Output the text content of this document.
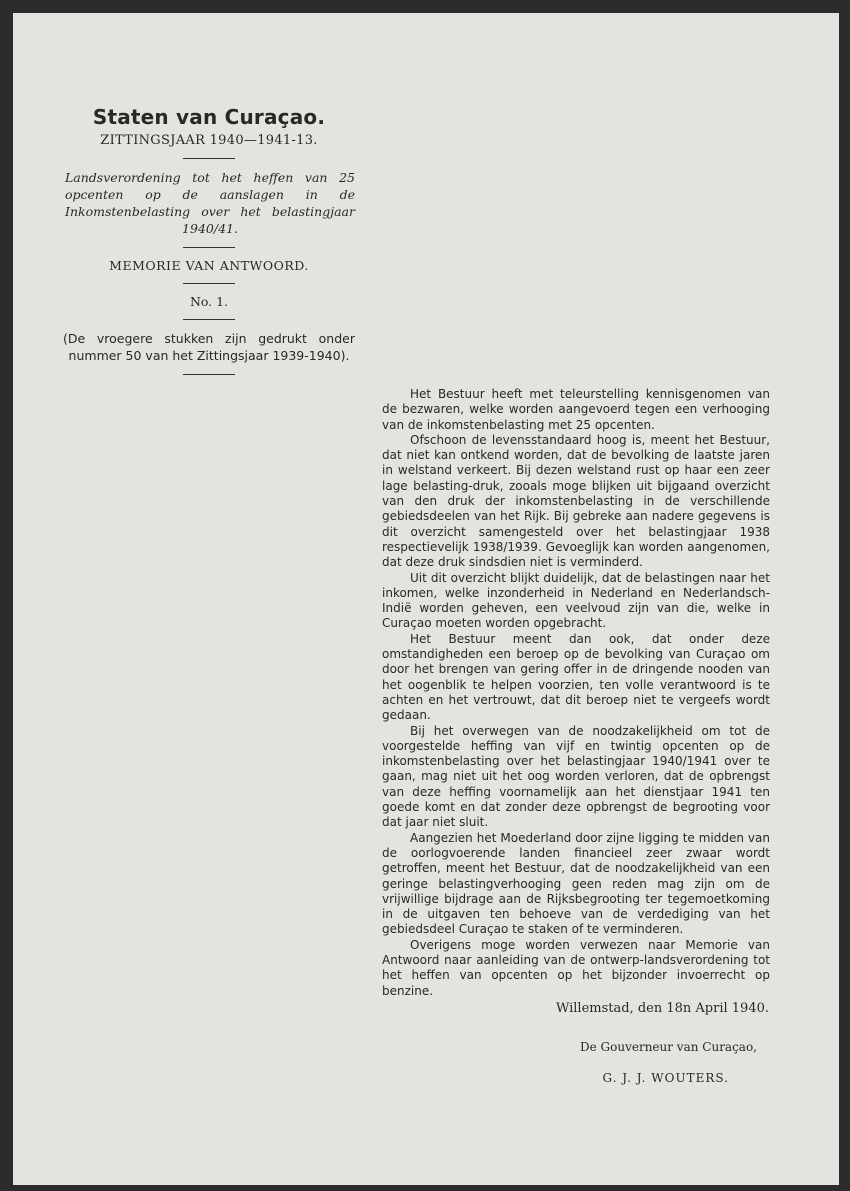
Staten van Curaçao.
ZITTINGSJAAR 1940—1941-13.
Landsverordening tot het heffen van 25 opcenten op de aanslagen in de Inkomstenbelasting over het belastingjaar 1940/41.
MEMORIE VAN ANTWOORD.
No. 1.
(De vroegere stukken zijn gedrukt onder nummer 50 van het Zittingsjaar 1939-1940).

Het Bestuur heeft met teleurstelling kennisgenomen van de bezwaren, welke worden aangevoerd tegen een verhooging van de inkomstenbelasting met 25 opcenten.

Ofschoon de levensstandaard hoog is, meent het Bestuur, dat niet kan ontkend worden, dat de bevolking de laatste jaren in welstand verkeert. Bij dezen welstand rust op haar een zeer lage belasting-druk, zooals moge blijken uit bijgaand overzicht van den druk der inkomstenbelasting in de verschillende gebiedsdeelen van het Rijk. Bij gebreke aan nadere gegevens is dit overzicht samengesteld over het belastingjaar 1938 respectievelijk 1938/1939. Gevoeglijk kan worden aangenomen, dat deze druk sindsdien niet is verminderd.

Uit dit overzicht blijkt duidelijk, dat de belastingen naar het inkomen, welke inzonderheid in Nederland en Nederlandsch-Indië worden geheven, een veelvoud zijn van die, welke in Curaçao moeten worden opgebracht.

Het Bestuur meent dan ook, dat onder deze omstandigheden een beroep op de bevolking van Curaçao om door het brengen van gering offer in de dringende nooden van het oogenblik te helpen voorzien, ten volle verantwoord is te achten en het vertrouwt, dat dit beroep niet te vergeefs wordt gedaan.

Bij het overwegen van de noodzakelijkheid om tot de voorgestelde heffing van vijf en twintig opcenten op de inkomstenbelasting over het belastingjaar 1940/1941 over te gaan, mag niet uit het oog worden verloren, dat de opbrengst van deze heffing voornamelijk aan het dienstjaar 1941 ten goede komt en dat zonder deze opbrengst de begrooting voor dat jaar niet sluit.

Aangezien het Moederland door zijne ligging te midden van de oorlogvoerende landen financieel zeer zwaar wordt getroffen, meent het Bestuur, dat de noodzakelijkheid van een geringe belastingverhooging geen reden mag zijn om de vrijwillige bijdrage aan de Rijksbegrooting ter tegemoetkoming in de uitgaven ten behoeve van de verdediging van het gebiedsdeel Curaçao te staken of te verminderen.

Overigens moge worden verwezen naar Memorie van Antwoord naar aanleiding van de ontwerp-landsverordening tot het heffen van opcenten op het bijzonder invoerrecht op benzine.

Willemstad, den 18n April 1940.
De Gouverneur van Curaçao,
G. J. J. WOUTERS.
